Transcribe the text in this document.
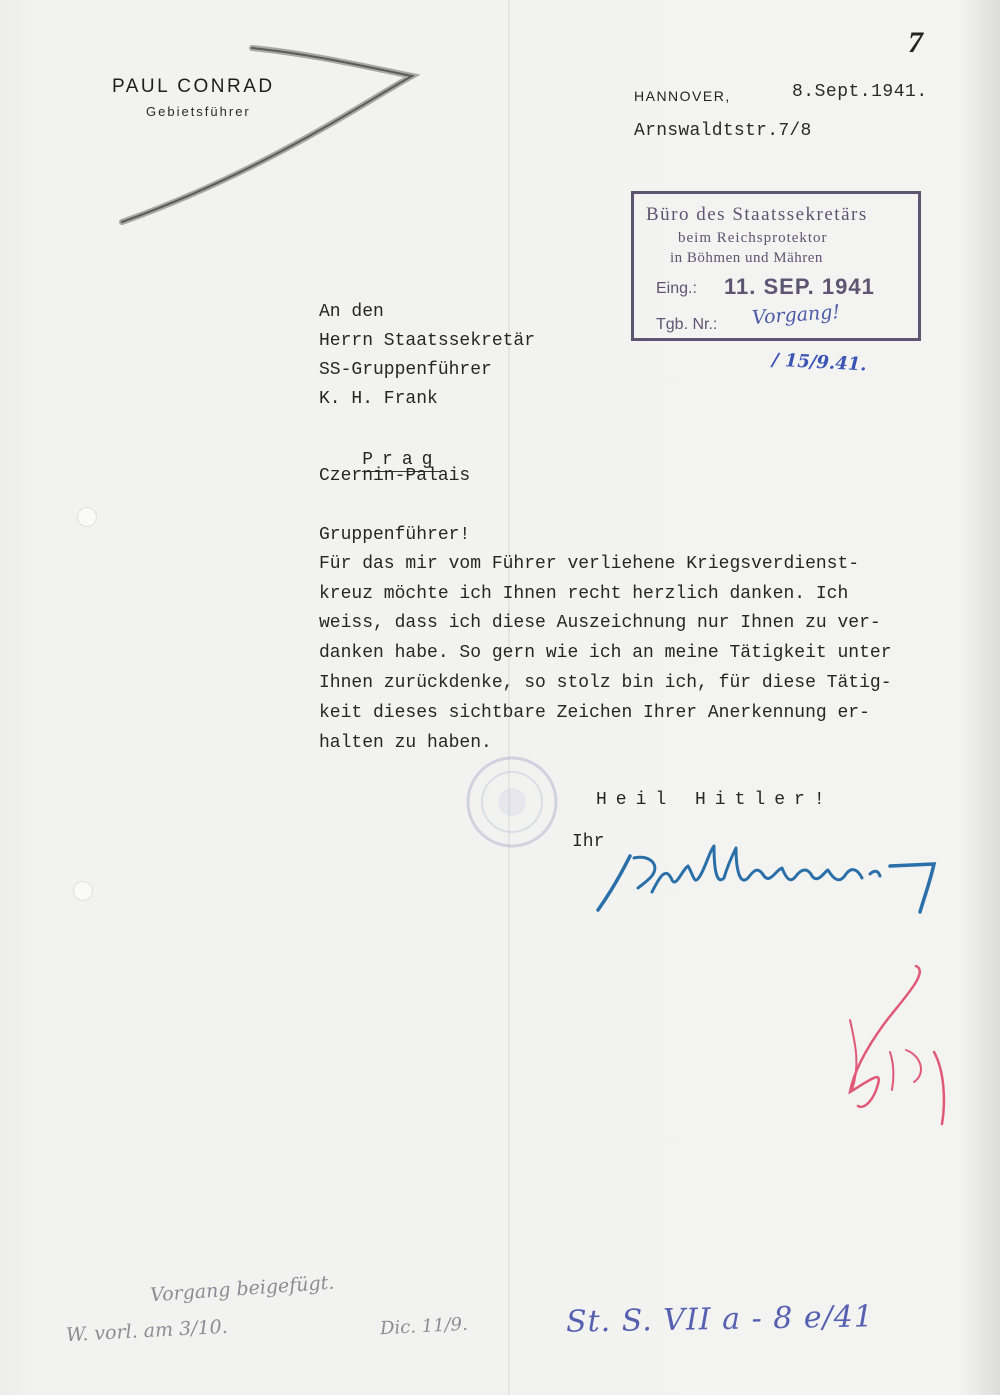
PAUL CONRAD
Gebietsführer
7
HANNOVER,	8.Sept.1941.
Arnswaldtstr.7/8
Büro des Staatssekretärs
beim Reichsprotektor
in Böhmen und Mähren
Eing.: 11. SEP. 1941
Tgb. Nr.: Vorgang!
/ 15/9.41.
An den
Herrn Staatssekretär
SS-Gruppenführer
K. H. Frank

Prag

Czernin-Palais
Gruppenführer!
Für das mir vom Führer verliehene Kriegsverdienst-
kreuz möchte ich Ihnen recht herzlich danken. Ich
weiss, dass ich diese Auszeichnung nur Ihnen zu ver-
danken habe. So gern wie ich an meine Tätigkeit unter
Ihnen zurückdenke, so stolz bin ich, für diese Tätig-
keit dieses sichtbare Zeichen Ihrer Anerkennung er-
halten zu haben.
Heil Hitler!
Ihr
Vorgang beigefügt.
W. vorl. am 3/10.	Dic. 11/9.	St. S. VII a - 8 e/41
